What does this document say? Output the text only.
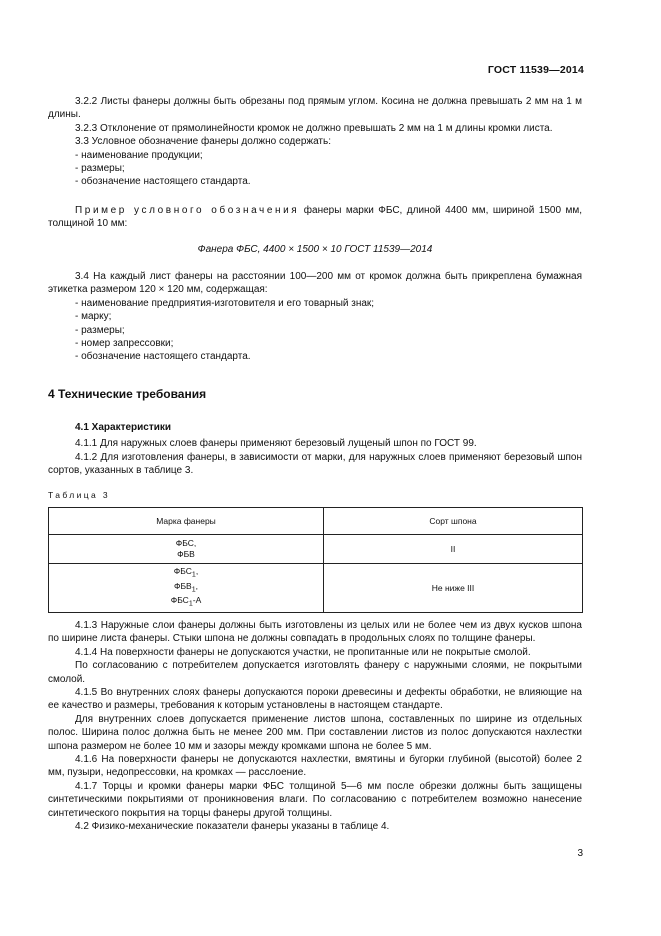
ГОСТ 11539—2014

3.2.2 Листы фанеры должны быть обрезаны под прямым углом. Косина не должна превышать 2 мм на 1 м длины.

3.2.3 Отклонение от прямолинейности кромок не должно превышать 2 мм на 1 м длины кромки листа.

3.3 Условное обозначение фанеры должно содержать:

- наименование продукции;

- размеры;

- обозначение настоящего стандарта.

Пример условного обозначения фанеры марки ФБС, длиной 4400 мм, шириной 1500 мм, толщиной 10 мм:

Фанера ФБС, 4400 × 1500 × 10 ГОСТ 11539—2014

3.4 На каждый лист фанеры на расстоянии 100—200 мм от кромок должна быть прикреплена бумажная этикетка размером 120 × 120 мм, содержащая:

- наименование предприятия-изготовителя и его товарный знак;

- марку;

- размеры;

- номер запрессовки;

- обозначение настоящего стандарта.

4 Технические требования
4.1 Характеристики

4.1.1 Для наружных слоев фанеры применяют березовый лущеный шпон по ГОСТ 99.

4.1.2 Для изготовления фанеры, в зависимости от марки, для наружных слоев применяют березовый шпон сортов, указанных в таблице 3.

Таблица 3
Марка фанеры	Сорт шпона

ФБС,
ФБВ	II

$ФБС_1$,
$ФБВ_1$,
$ФБС_1-А$	Не ниже III

4.1.3 Наружные слои фанеры должны быть изготовлены из целых или не более чем из двух кусков шпона по ширине листа фанеры. Стыки шпона не должны совпадать в продольных слоях по толщине фанеры.

4.1.4 На поверхности фанеры не допускаются участки, не пропитанные или не покрытые смолой.

По согласованию с потребителем допускается изготовлять фанеру с наружными слоями, не покрытыми смолой.

4.1.5 Во внутренних слоях фанеры допускаются пороки древесины и дефекты обработки, не влияющие на ее качество и размеры, требования к которым установлены в настоящем стандарте.

Для внутренних слоев допускается применение листов шпона, составленных по ширине из отдельных полос. Ширина полос должна быть не менее 200 мм. При составлении листов из полос допускаются нахлестки шпона размером не более 10 мм и зазоры между кромками шпона не более 5 мм.

4.1.6 На поверхности фанеры не допускаются нахлестки, вмятины и бугорки глубиной (высотой) более 2 мм, пузыри, недопрессовки, на кромках — расслоение.

4.1.7 Торцы и кромки фанеры марки ФБС толщиной 5—6 мм после обрезки должны быть защищены синтетическими покрытиями от проникновения влаги. По согласованию с потребителем возможно нанесение синтетического покрытия на торцы фанеры другой толщины.

4.2 Физико-механические показатели фанеры указаны в таблице 4.

3
